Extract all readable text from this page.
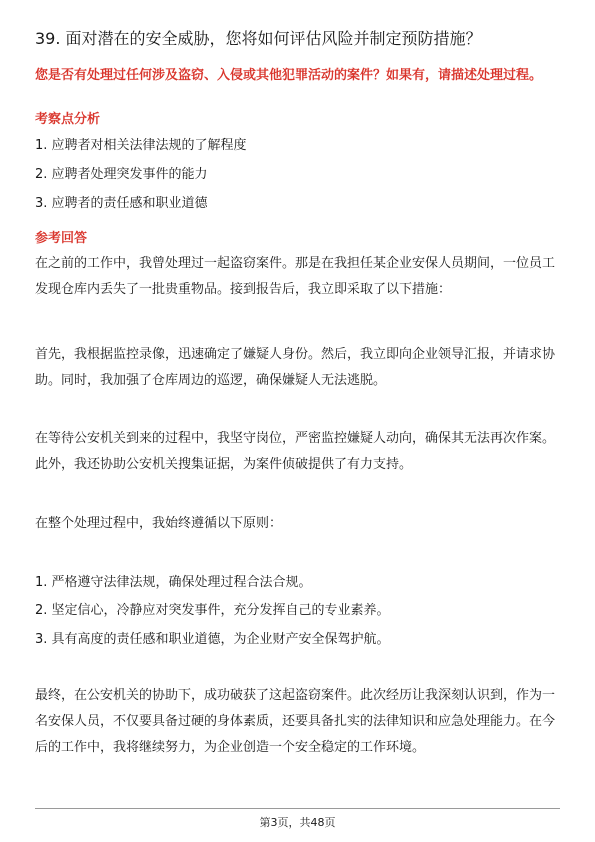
39. 面对潜在的安全威胁，您将如何评估风险并制定预防措施？
您是否有处理过任何涉及盗窃、入侵或其他犯罪活动的案件？如果有，请描述处理过程。
考察点分析
1. 应聘者对相关法律法规的了解程度
2. 应聘者处理突发事件的能力
3. 应聘者的责任感和职业道德
参考回答
在之前的工作中，我曾处理过一起盗窃案件。那是在我担任某企业安保人员期间，一位员工发现仓库内丢失了一批贵重物品。接到报告后，我立即采取了以下措施：
首先，我根据监控录像，迅速确定了嫌疑人身份。然后，我立即向企业领导汇报，并请求协助。同时，我加强了仓库周边的巡逻，确保嫌疑人无法逃脱。
在等待公安机关到来的过程中，我坚守岗位，严密监控嫌疑人动向，确保其无法再次作案。此外，我还协助公安机关搜集证据，为案件侦破提供了有力支持。
在整个处理过程中，我始终遵循以下原则：
1. 严格遵守法律法规，确保处理过程合法合规。
2. 坚定信心，冷静应对突发事件，充分发挥自己的专业素养。
3. 具有高度的责任感和职业道德，为企业财产安全保驾护航。
最终，在公安机关的协助下，成功破获了这起盗窃案件。此次经历让我深刻认识到，作为一名安保人员，不仅要具备过硬的身体素质，还要具备扎实的法律知识和应急处理能力。在今后的工作中，我将继续努力，为企业创造一个安全稳定的工作环境。
第3页，共48页
